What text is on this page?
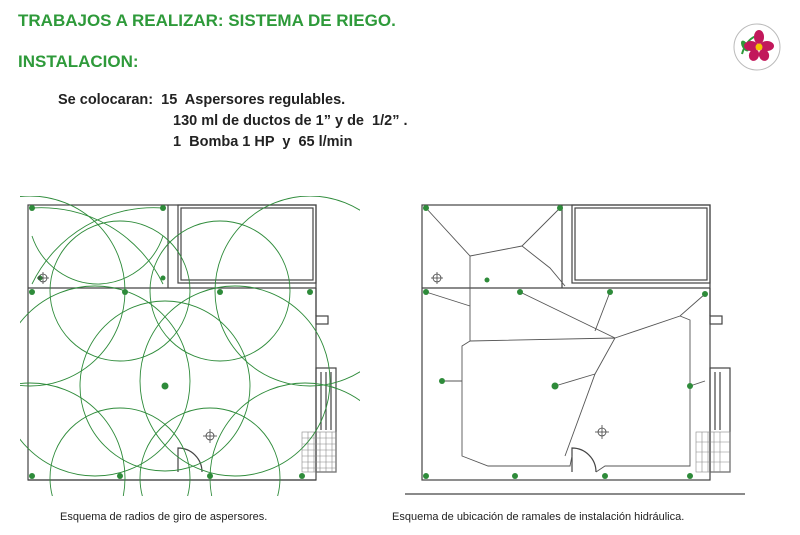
TRABAJOS A REALIZAR: SISTEMA DE RIEGO.
INSTALACION:
Se colocaran:  15  Aspersores regulables.
130 ml de ductos de 1” y de  1/2” .
1  Bomba 1 HP  y  65 l/min
Esquema de radios de giro de aspersores.	Esquema de ubicación de ramales de instalación hidráulica.
